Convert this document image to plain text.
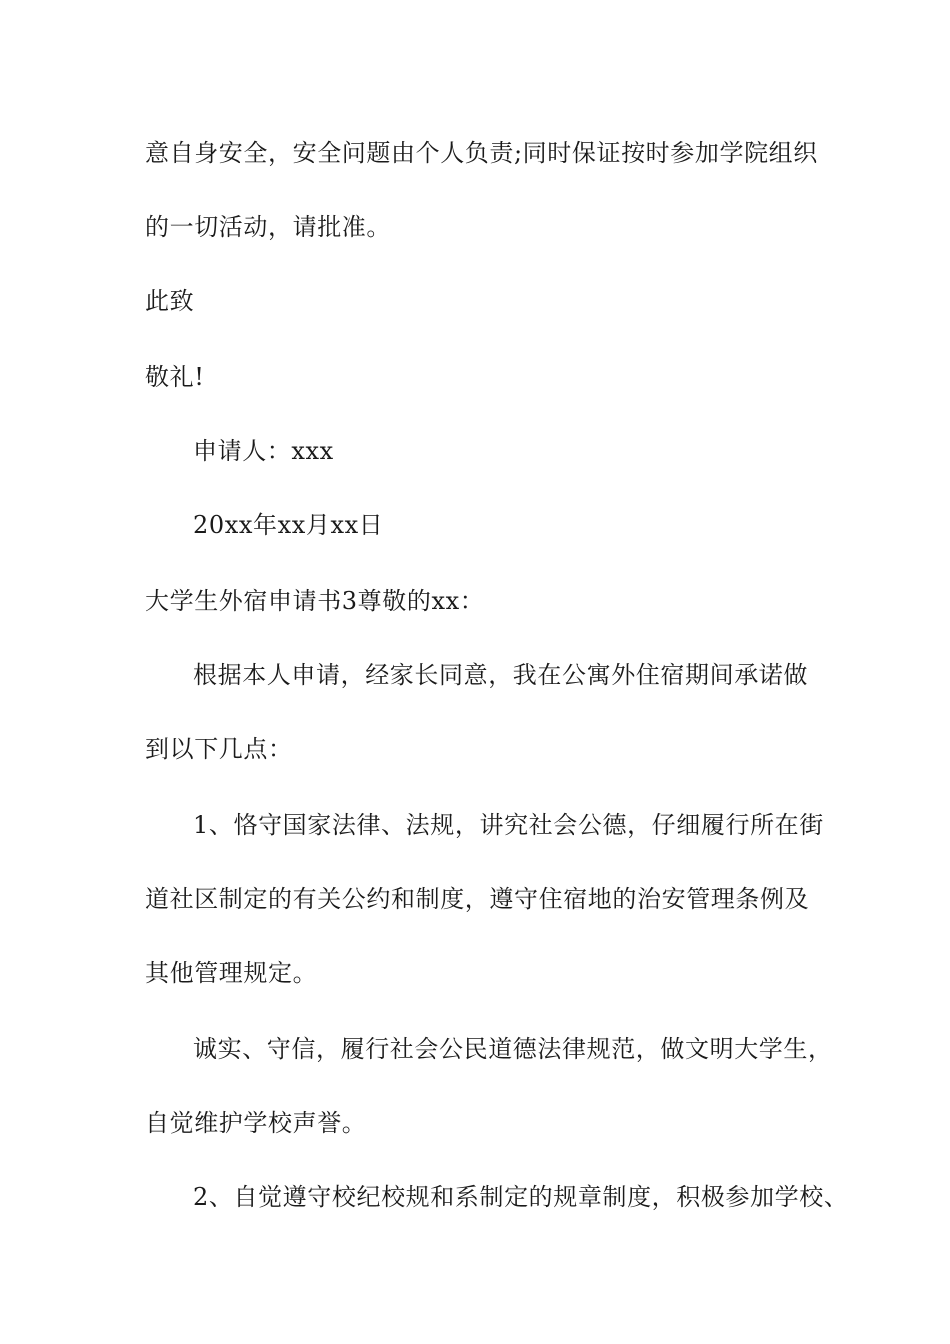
意自身安全，安全问题由个人负责;同时保证按时参加学院组织
的一切活动，请批准。
此致
敬礼!
申请人：xxx
20xx年xx月xx日
大学生外宿申请书3尊敬的xx：
根据本人申请，经家长同意，我在公寓外住宿期间承诺做
到以下几点：
1、恪守国家法律、法规，讲究社会公德，仔细履行所在街
道社区制定的有关公约和制度，遵守住宿地的治安管理条例及
其他管理规定。
诚实、守信，履行社会公民道德法律规范，做文明大学生，
自觉维护学校声誉。
2、自觉遵守校纪校规和系制定的规章制度，积极参加学校、
